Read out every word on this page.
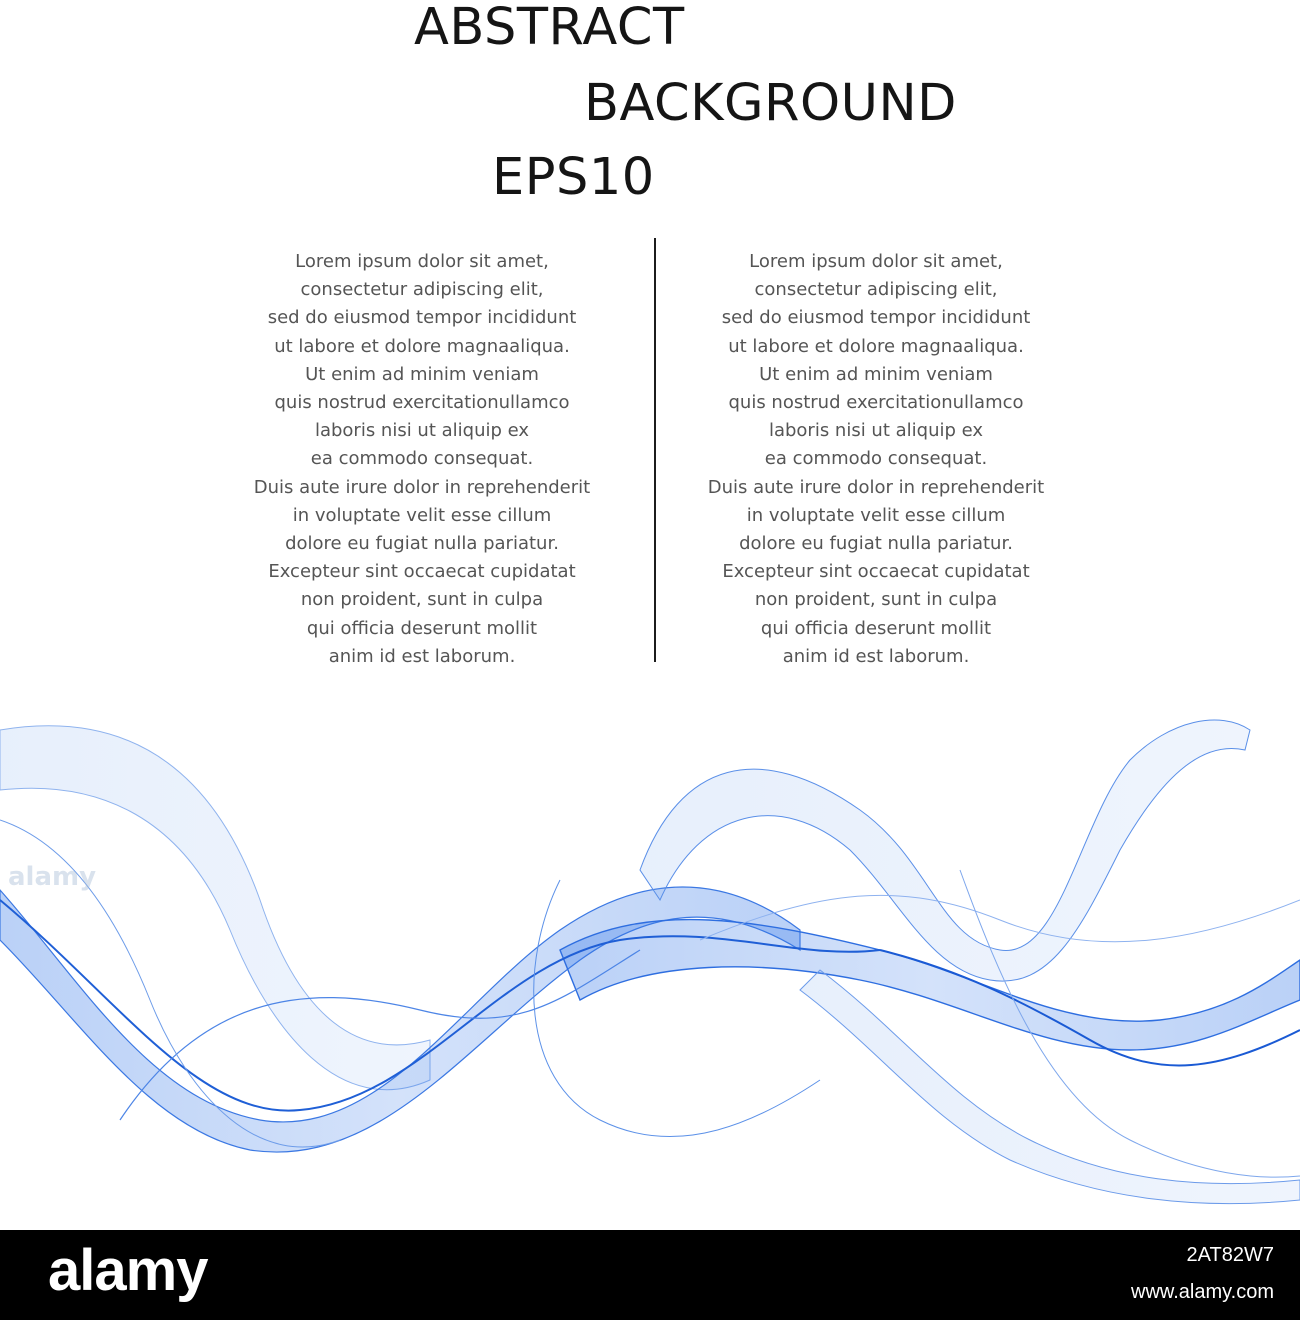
ABSTRACT
BACKGROUND
EPS10
Lorem ipsum dolor sit amet,
consectetur adipiscing elit,
sed do eiusmod tempor incididunt
ut labore et dolore magnaaliqua.
Ut enim ad minim veniam
quis nostrud exercitationullamco
laboris nisi ut aliquip ex
ea commodo consequat.
Duis aute irure dolor in reprehenderit
in voluptate velit esse cillum
dolore eu fugiat nulla pariatur.
Excepteur sint occaecat cupidatat
non proident, sunt in culpa
qui officia deserunt mollit
anim id est laborum.
Lorem ipsum dolor sit amet,
consectetur adipiscing elit,
sed do eiusmod tempor incididunt
ut labore et dolore magnaaliqua.
Ut enim ad minim veniam
quis nostrud exercitationullamco
laboris nisi ut aliquip ex
ea commodo consequat.
Duis aute irure dolor in reprehenderit
in voluptate velit esse cillum
dolore eu fugiat nulla pariatur.
Excepteur sint occaecat cupidatat
non proident, sunt in culpa
qui officia deserunt mollit
anim id est laborum.
alamy
alamy	2AT82W7
www.alamy.com
